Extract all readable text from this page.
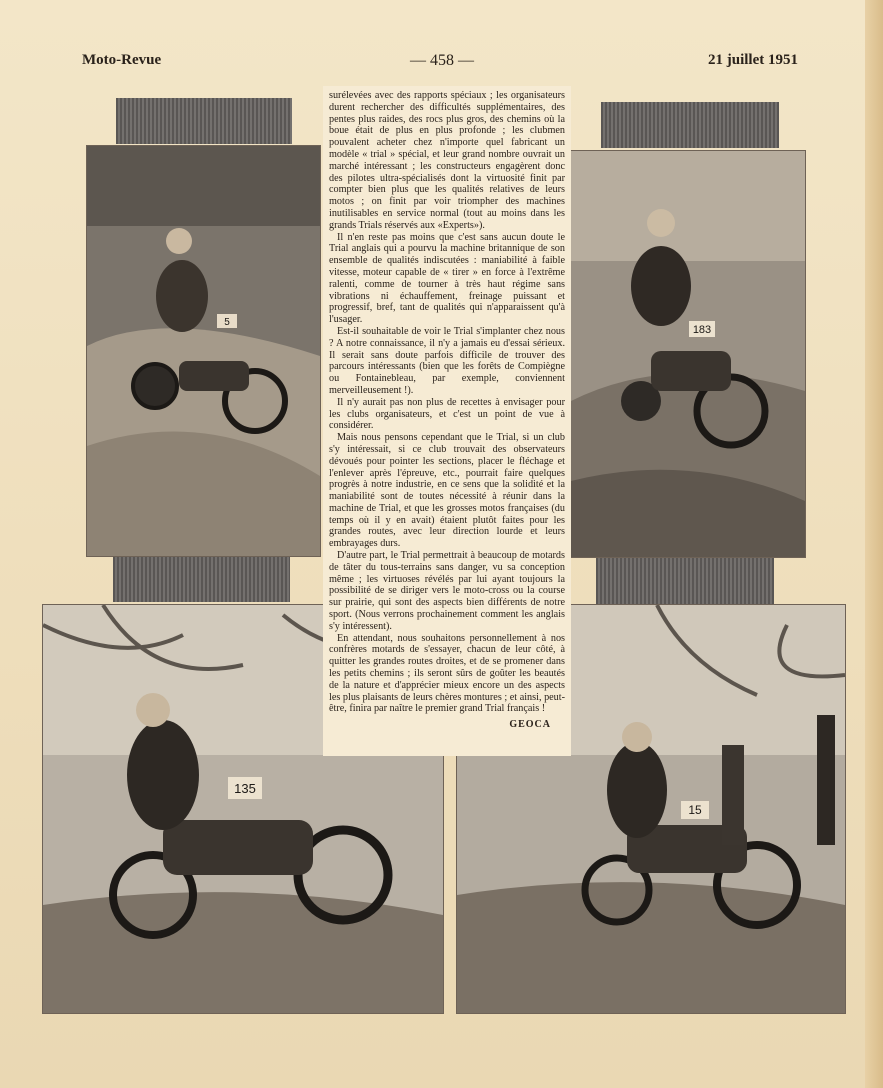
Moto-Revue	— 458 —	21 juillet 1951
5
183
135
15

surélevées avec des rapports spéciaux ; les organisateurs durent rechercher des difficultés supplémentaires, des pentes plus raides, des rocs plus gros, des chemins où la boue était de plus en plus profonde ; les clubmen pouvalent acheter chez n'importe quel fabricant un modèle « trial » spécial, et leur grand nombre ouvrait un marché intéressant ; les constructeurs engagèrent donc des pilotes ultra-spécialisés dont la virtuosité finit par compter bien plus que les qualités relatives de leurs motos ; on finit par voir triompher des machines inutilisables en service normal (tout au moins dans les grands Trials réservés aux «Experts»).

Il n'en reste pas moins que c'est sans aucun doute le Trial anglais qui a pourvu la machine britannique de son ensemble de qualités indiscutées : maniabilité à faible vitesse, moteur capable de « tirer » en force à l'extrême ralenti, comme de tourner à très haut régime sans vibrations ni échauffement, freinage puissant et progressif, bref, tant de qualités qui n'apparaissent qu'à l'usager.

Est-il souhaitable de voir le Trial s'implanter chez nous ? A notre connaissance, il n'y a jamais eu d'essai sérieux. Il serait sans doute parfois difficile de trouver des parcours intéressants (bien que les forêts de Compiègne ou Fontainebleau, par exemple, conviennent merveilleusement !).

Il n'y aurait pas non plus de recettes à envisager pour les clubs organisateurs, et c'est un point de vue à considérer.

Mais nous pensons cependant que le Trial, si un club s'y intéressait, si ce club trouvait des observateurs dévoués pour pointer les sections, placer le fléchage et l'enlever après l'épreuve, etc., pourrait faire quelques progrès à notre industrie, en ce sens que la solidité et la maniabilité sont de toutes nécessité à réunir dans la machine de Trial, et que les grosses motos françaises (du temps où il y en avait) étaient plutôt faites pour les grandes routes, avec leur direction lourde et leurs embrayages durs.

D'autre part, le Trial permettrait à beaucoup de motards de tâter du tous-terrains sans danger, vu sa conception même ; les virtuoses révélés par lui ayant toujours la possibilité de se diriger vers le moto-cross ou la course sur prairie, qui sont des aspects bien différents de notre sport. (Nous verrons prochainement comment les anglais s'y intéressent).

En attendant, nous souhaitons personnellement à nos confrères motards de s'essayer, chacun de leur côté, à quitter les grandes routes droites, et de se promener dans les petits chemins ; ils seront sûrs de goûter les beautés de la nature et d'apprécier mieux encore un des aspects les plus plaisants de leurs chères montures ; et ainsi, peut-être, finira par naître le premier grand Trial français !

GEOCA
